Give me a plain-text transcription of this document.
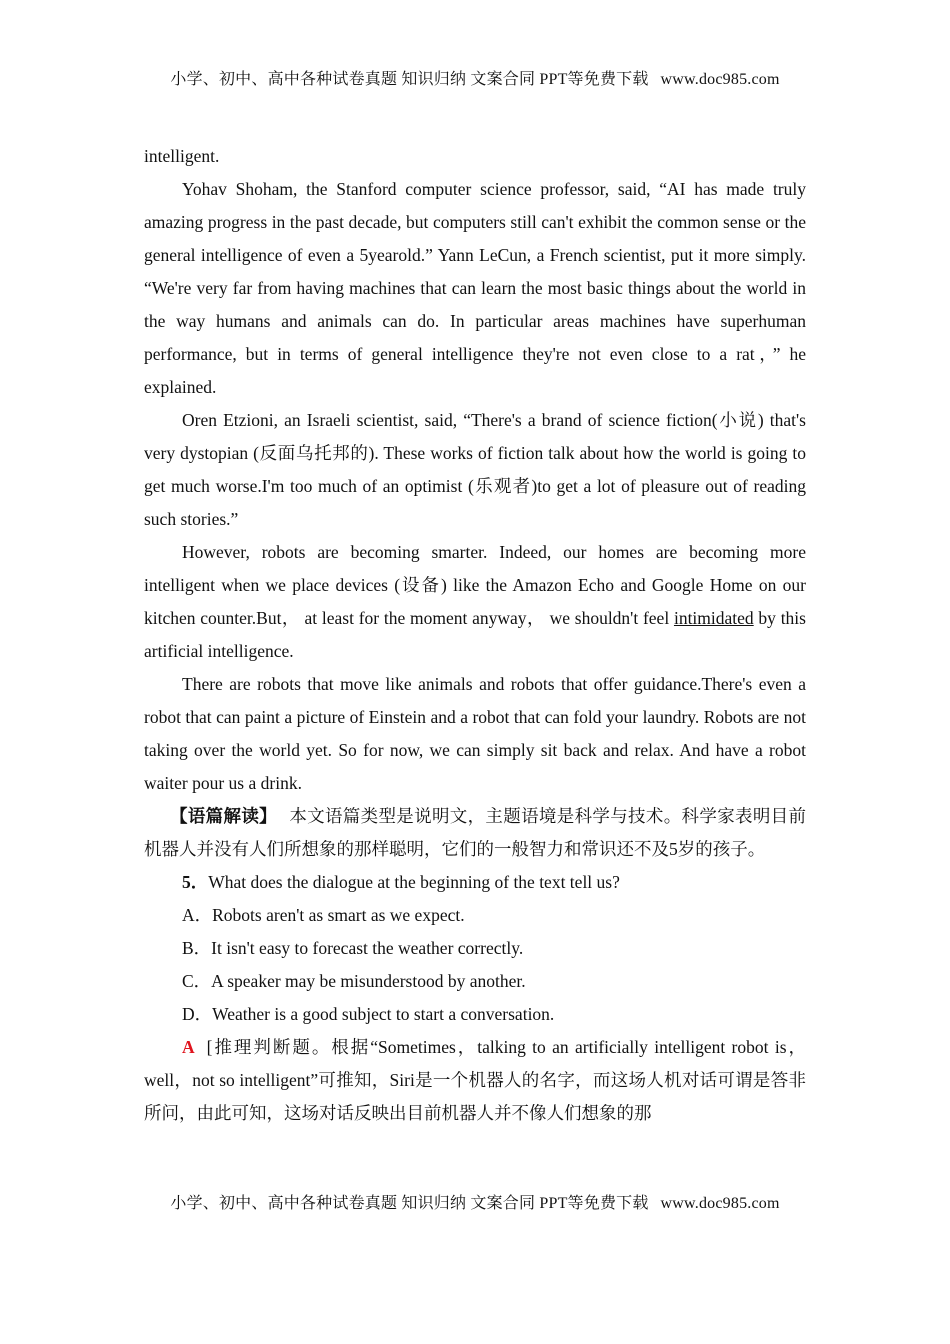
小学、初中、高中各种试卷真题 知识归纳 文案合同 PPT等免费下载 www.doc985.com

intelligent.

Yohav Shoham, the Stanford computer science professor, said, “AI has made truly amazing progress in the past decade, but computers still can't exhibit the common sense or the general intelligence of even a 5yearold.” Yann LeCun, a French scientist, put it more simply. “We're very far from having machines that can learn the most basic things about the world in the way humans and animals can do. In particular areas machines have superhuman performance, but in terms of general intelligence they're not even close to a rat，” he explained.

Oren Etzioni, an Israeli scientist, said, “There's a brand of science fiction(小说) that's very dystopian (反面乌托邦的). These works of fiction talk about how the world is going to get much worse.I'm too much of an optimist (乐观者)to get a lot of pleasure out of reading such stories.”

However, robots are becoming smarter. Indeed, our homes are becoming more intelligent when we place devices (设备) like the Amazon Echo and Google Home on our kitchen counter.But， at least for the moment anyway， we shouldn't feel intimidated by this artificial intelligence.

There are robots that move like animals and robots that offer guidance.There's even a robot that can paint a picture of Einstein and a robot that can fold your laundry. Robots are not taking over the world yet. So for now, we can simply sit back and relax. And have a robot waiter pour us a drink.

【语篇解读】 本文语篇类型是说明文，主题语境是科学与技术。科学家表明目前机器人并没有人们所想象的那样聪明，它们的一般智力和常识还不及5岁的孩子。

5．What does the dialogue at the beginning of the text tell us?

A．Robots aren't as smart as we expect.

B．It isn't easy to forecast the weather correctly.

C．A speaker may be misunderstood by another.

D．Weather is a good subject to start a conversation.

A [推理判断题。根据“Sometimes，talking to an artificially intelligent robot is，well，not so intelligent”可推知，Siri是一个机器人的名字，而这场人机对话可谓是答非所问，由此可知，这场对话反映出目前机器人并不像人们想象的那

小学、初中、高中各种试卷真题 知识归纳 文案合同 PPT等免费下载 www.doc985.com
